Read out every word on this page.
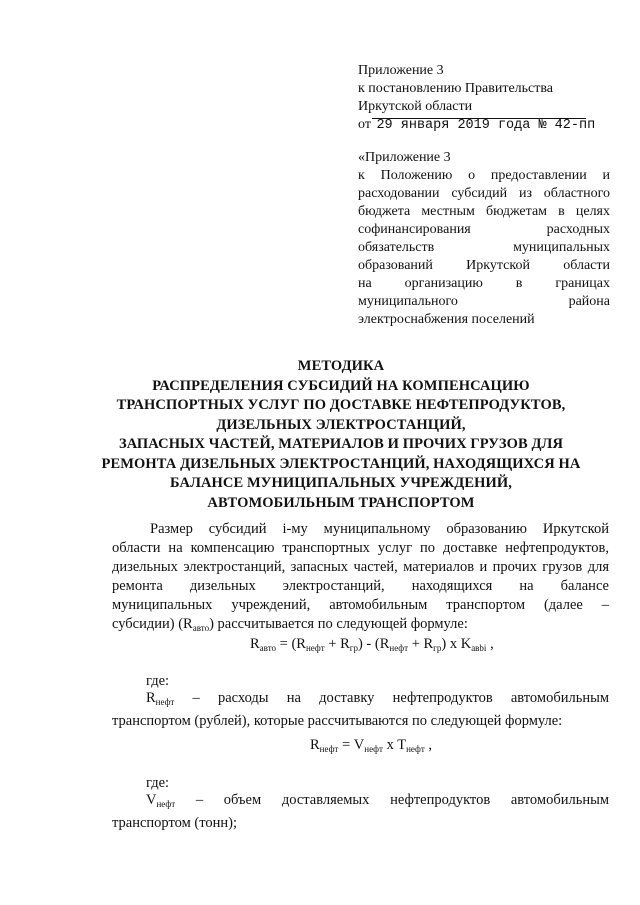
Приложение 3
к постановлению Правительства
Иркутской области
от 29 января 2019 года № 42-пп
«Приложение 3
к Положению о предоставлении и
расходовании субсидий из областного
бюджета местным бюджетам в целях
софинансирования расходных
обязательств муниципальных
образований Иркутской области
на организацию в границах
муниципального района
электроснабжения поселений
МЕТОДИКА
РАСПРЕДЕЛЕНИЯ СУБСИДИЙ НА КОМПЕНСАЦИЮ
ТРАНСПОРТНЫХ УСЛУГ ПО ДОСТАВКЕ НЕФТЕПРОДУКТОВ,
ДИЗЕЛЬНЫХ ЭЛЕКТРОСТАНЦИЙ,
ЗАПАСНЫХ ЧАСТЕЙ, МАТЕРИАЛОВ И ПРОЧИХ ГРУЗОВ ДЛЯ
РЕМОНТА ДИЗЕЛЬНЫХ ЭЛЕКТРОСТАНЦИЙ, НАХОДЯЩИХСЯ НА
БАЛАНСЕ МУНИЦИПАЛЬНЫХ УЧРЕЖДЕНИЙ,
АВТОМОБИЛЬНЫМ ТРАНСПОРТОМ
Размер субсидий i-му муниципальному образованию Иркутской
области на компенсацию транспортных услуг по доставке нефтепродуктов,
дизельных электростанций, запасных частей, материалов и прочих грузов для
ремонта дизельных электростанций, находящихся на балансе
муниципальных учреждений, автомобильным транспортом (далее –
субсидии) $(R_{авто})$ рассчитывается по следующей формуле:
$R_{авто} = (R_{нефт} + R_{гр}) - (R_{нефт} + R_{гр})$ x $K_{aвbi}$ ,
где:
$R_{нефт}$ – расходы на доставку нефтепродуктов автомобильным
транспортом (рублей), которые рассчитываются по следующей формуле:
$R_{нефт} = V_{нефт}$ x $T_{нефт}$ ,
где:
$V_{нефт}$ – объем доставляемых нефтепродуктов автомобильным
транспортом (тонн);
